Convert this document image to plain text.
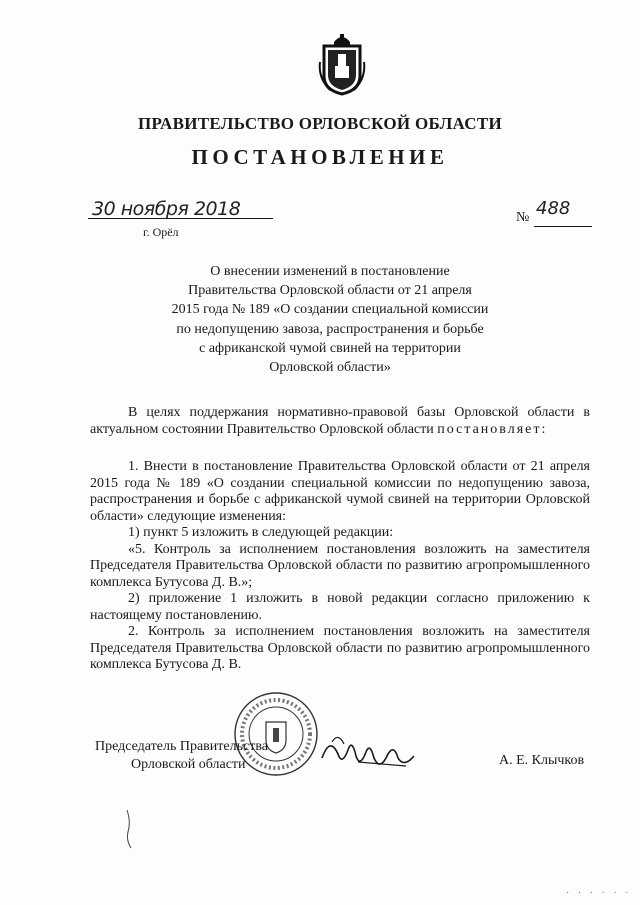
ПРАВИТЕЛЬСТВО ОРЛОВСКОЙ ОБЛАСТИ
ПОСТАНОВЛЕНИЕ
30 ноября 2018
г. Орёл
№ 488
О внесении изменений в постановление
Правительства Орловской области от 21 апреля
2015 года № 189 «О создании специальной комиссии
по недопущению завоза, распространения и борьбе
с африканской чумой свиней на территории
Орловской области»

В целях поддержания нормативно-правовой базы Орловской области в актуальном состоянии Правительство Орловской области постановляет:

1. Внести в постановление Правительства Орловской области от 21 апреля 2015 года № 189 «О создании специальной комиссии по недопущению завоза, распространения и борьбе с африканской чумой свиней на территории Орловской области» следующие изменения:

1) пункт 5 изложить в следующей редакции:

«5. Контроль за исполнением постановления возложить на заместителя Председателя Правительства Орловской области по развитию агропромышленного комплекса Бутусова Д. В.»;

2) приложение 1 изложить в новой редакции согласно приложению к настоящему постановлению.

2. Контроль за исполнением постановления возложить на заместителя Председателя Правительства Орловской области по развитию агропромышленного комплекса Бутусова Д. В.

Председатель Правительства
Орловской области	А. Е. Клычков
· · · · · ·
